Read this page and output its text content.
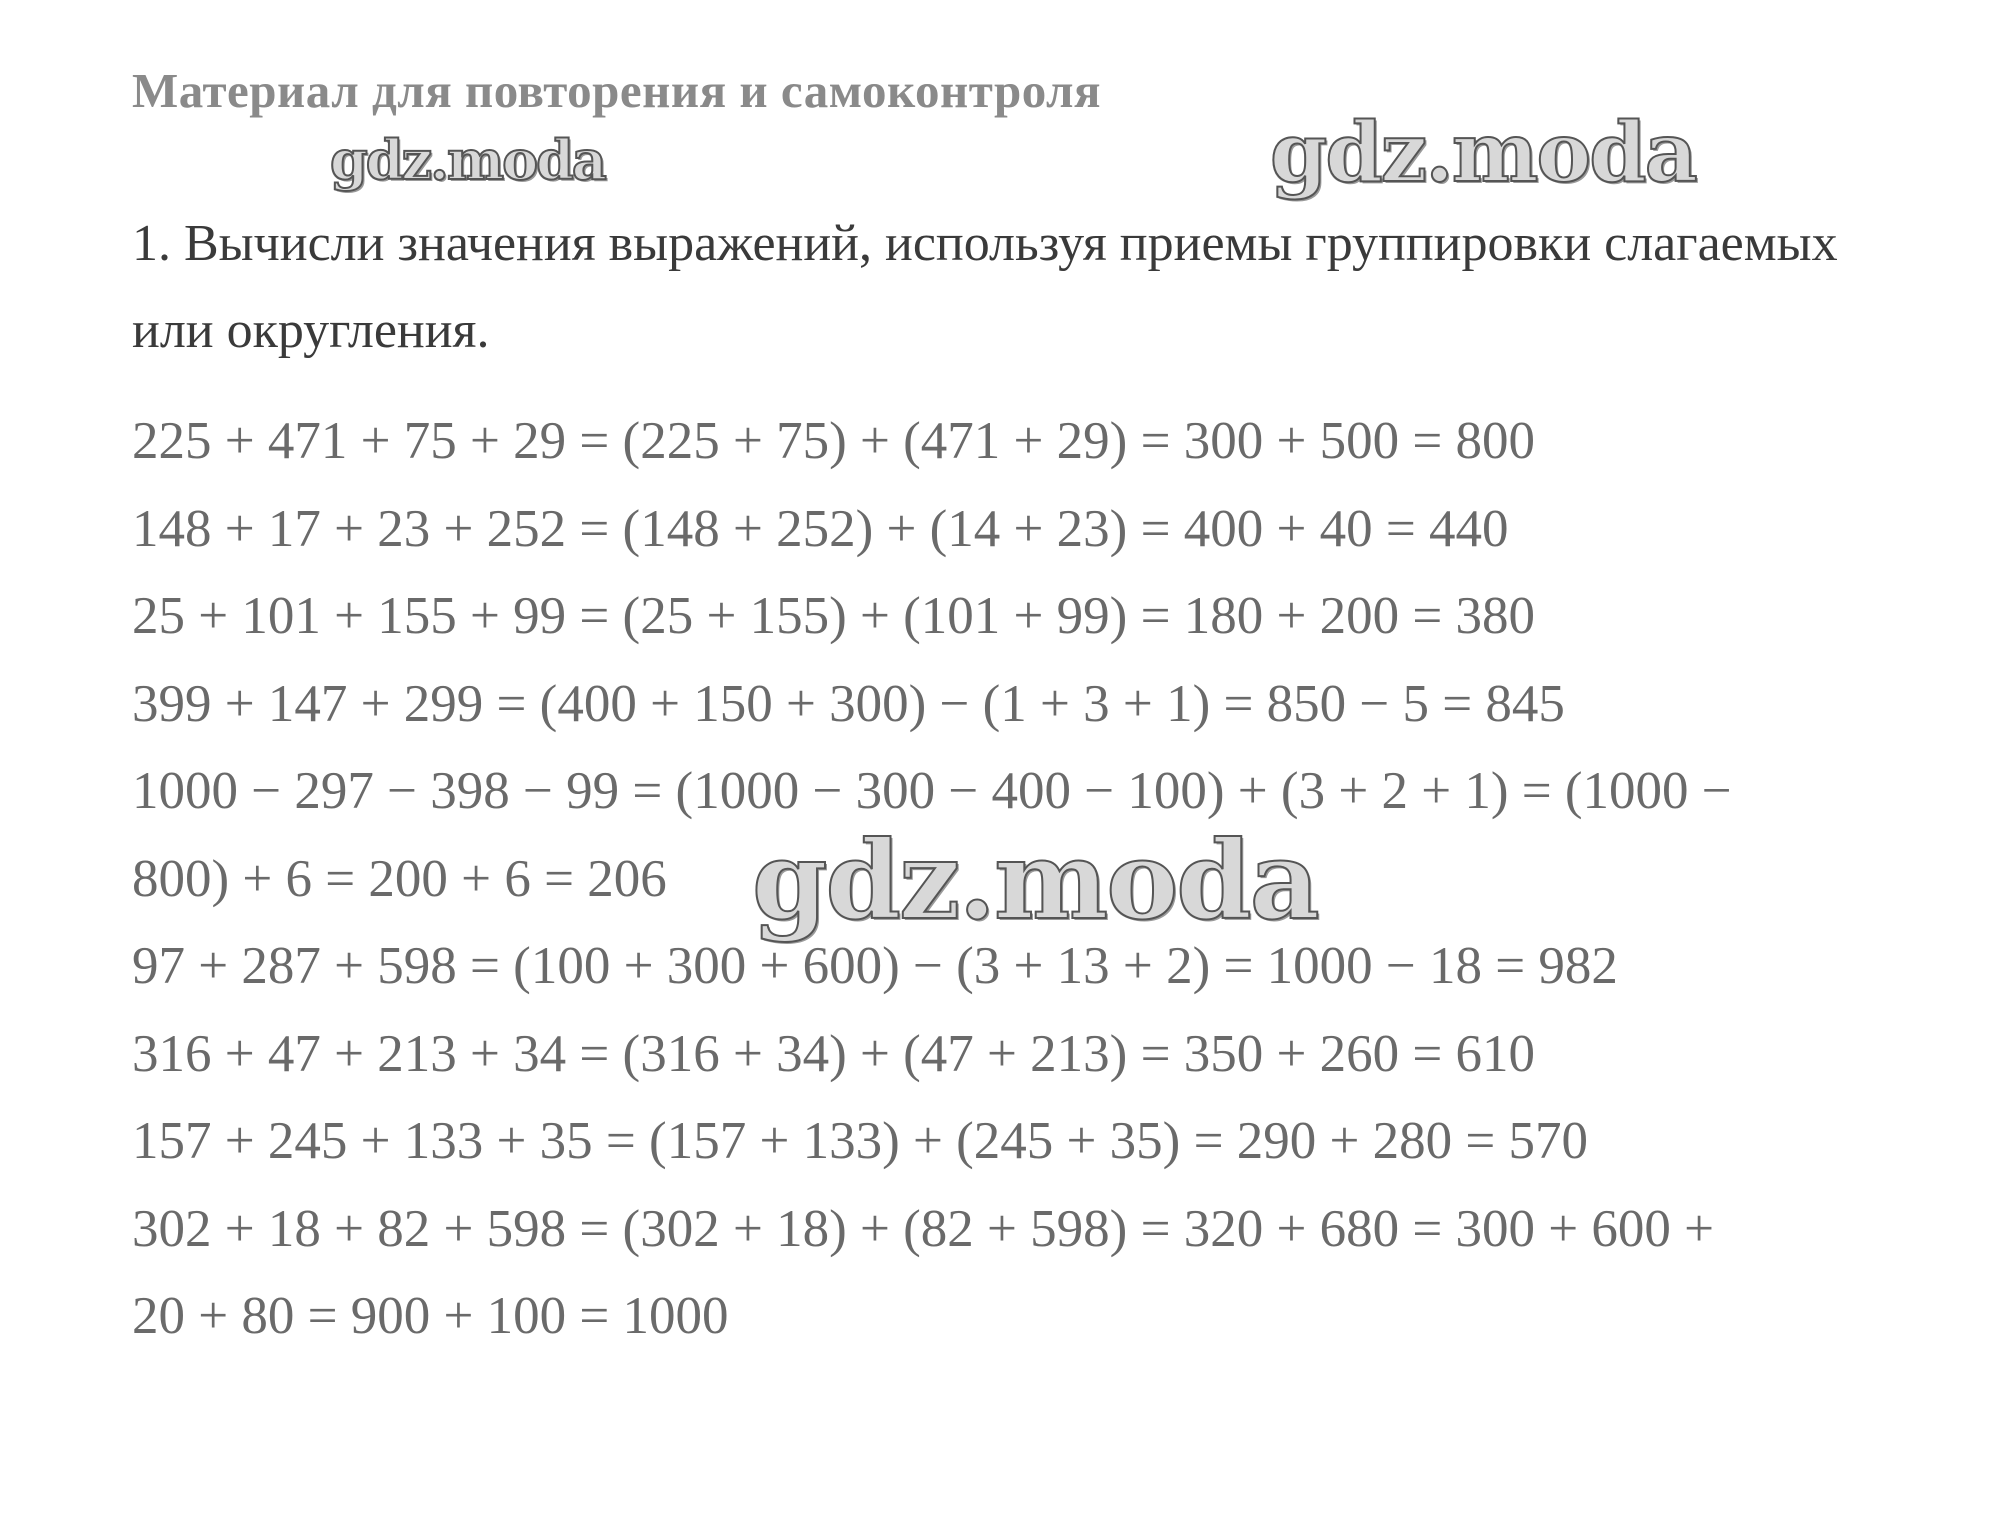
Материал для повторения и самоконтроля
gdz.moda	gdz.moda
1. Вычисли значения выражений, используя приемы группировки слагаемых или округления.
225 + 471 + 75 + 29 = (225 + 75) + (471 + 29) = 300 + 500 = 800
148 + 17 + 23 + 252 = (148 + 252) + (14 + 23) = 400 + 40 = 440
25 + 101 + 155 + 99 = (25 + 155) + (101 + 99) = 180 + 200 = 380
399 + 147 + 299 = (400 + 150 + 300) − (1 + 3 + 1) = 850 − 5 = 845
1000 − 297 − 398 − 99 = (1000 − 300 − 400 − 100) + (3 + 2 + 1) = (1000 −
800) + 6 = 200 + 6 = 206
97 + 287 + 598 = (100 + 300 + 600) − (3 + 13 + 2) = 1000 − 18 = 982
316 + 47 + 213 + 34 = (316 + 34) + (47 + 213) = 350 + 260 = 610
157 + 245 + 133 + 35 = (157 + 133) + (245 + 35) = 290 + 280 = 570
302 + 18 + 82 + 598 = (302 + 18) + (82 + 598) = 320 + 680 = 300 + 600 +
20 + 80 = 900 + 100 = 1000
gdz.moda
